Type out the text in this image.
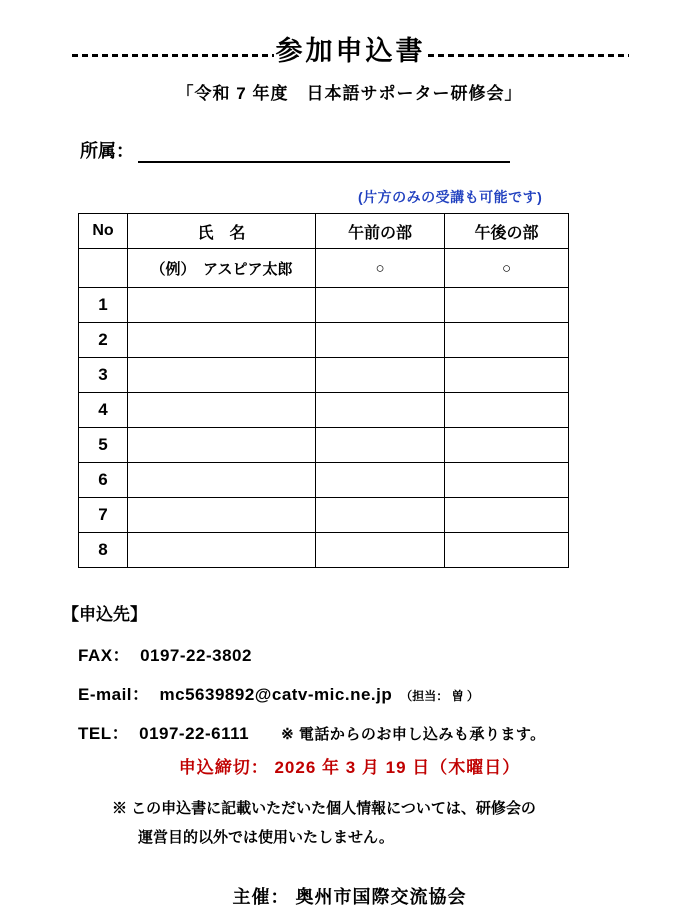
参加申込書
「令和 7 年度　日本語サポーター研修会」
所属：
(片方のみの受講も可能です)
No	氏　名	午前の部	午後の部
	（例）　アスピア太郎	○	○
1			
2			
3			
4			
5			
6			
7			
8			
【申込先】
FAX： 0197-22-3802
E-mail： mc5639892@catv-mic.ne.jp （担当： 曽 ）
TEL： 0197-22-6111 ※ 電話からのお申し込みも承ります。
申込締切： 2026 年 3 月 19 日（木曜日）
※ この申込書に記載いただいた個人情報については、研修会の
運営目的以外では使用いたしません。
主催： 奥州市国際交流協会
